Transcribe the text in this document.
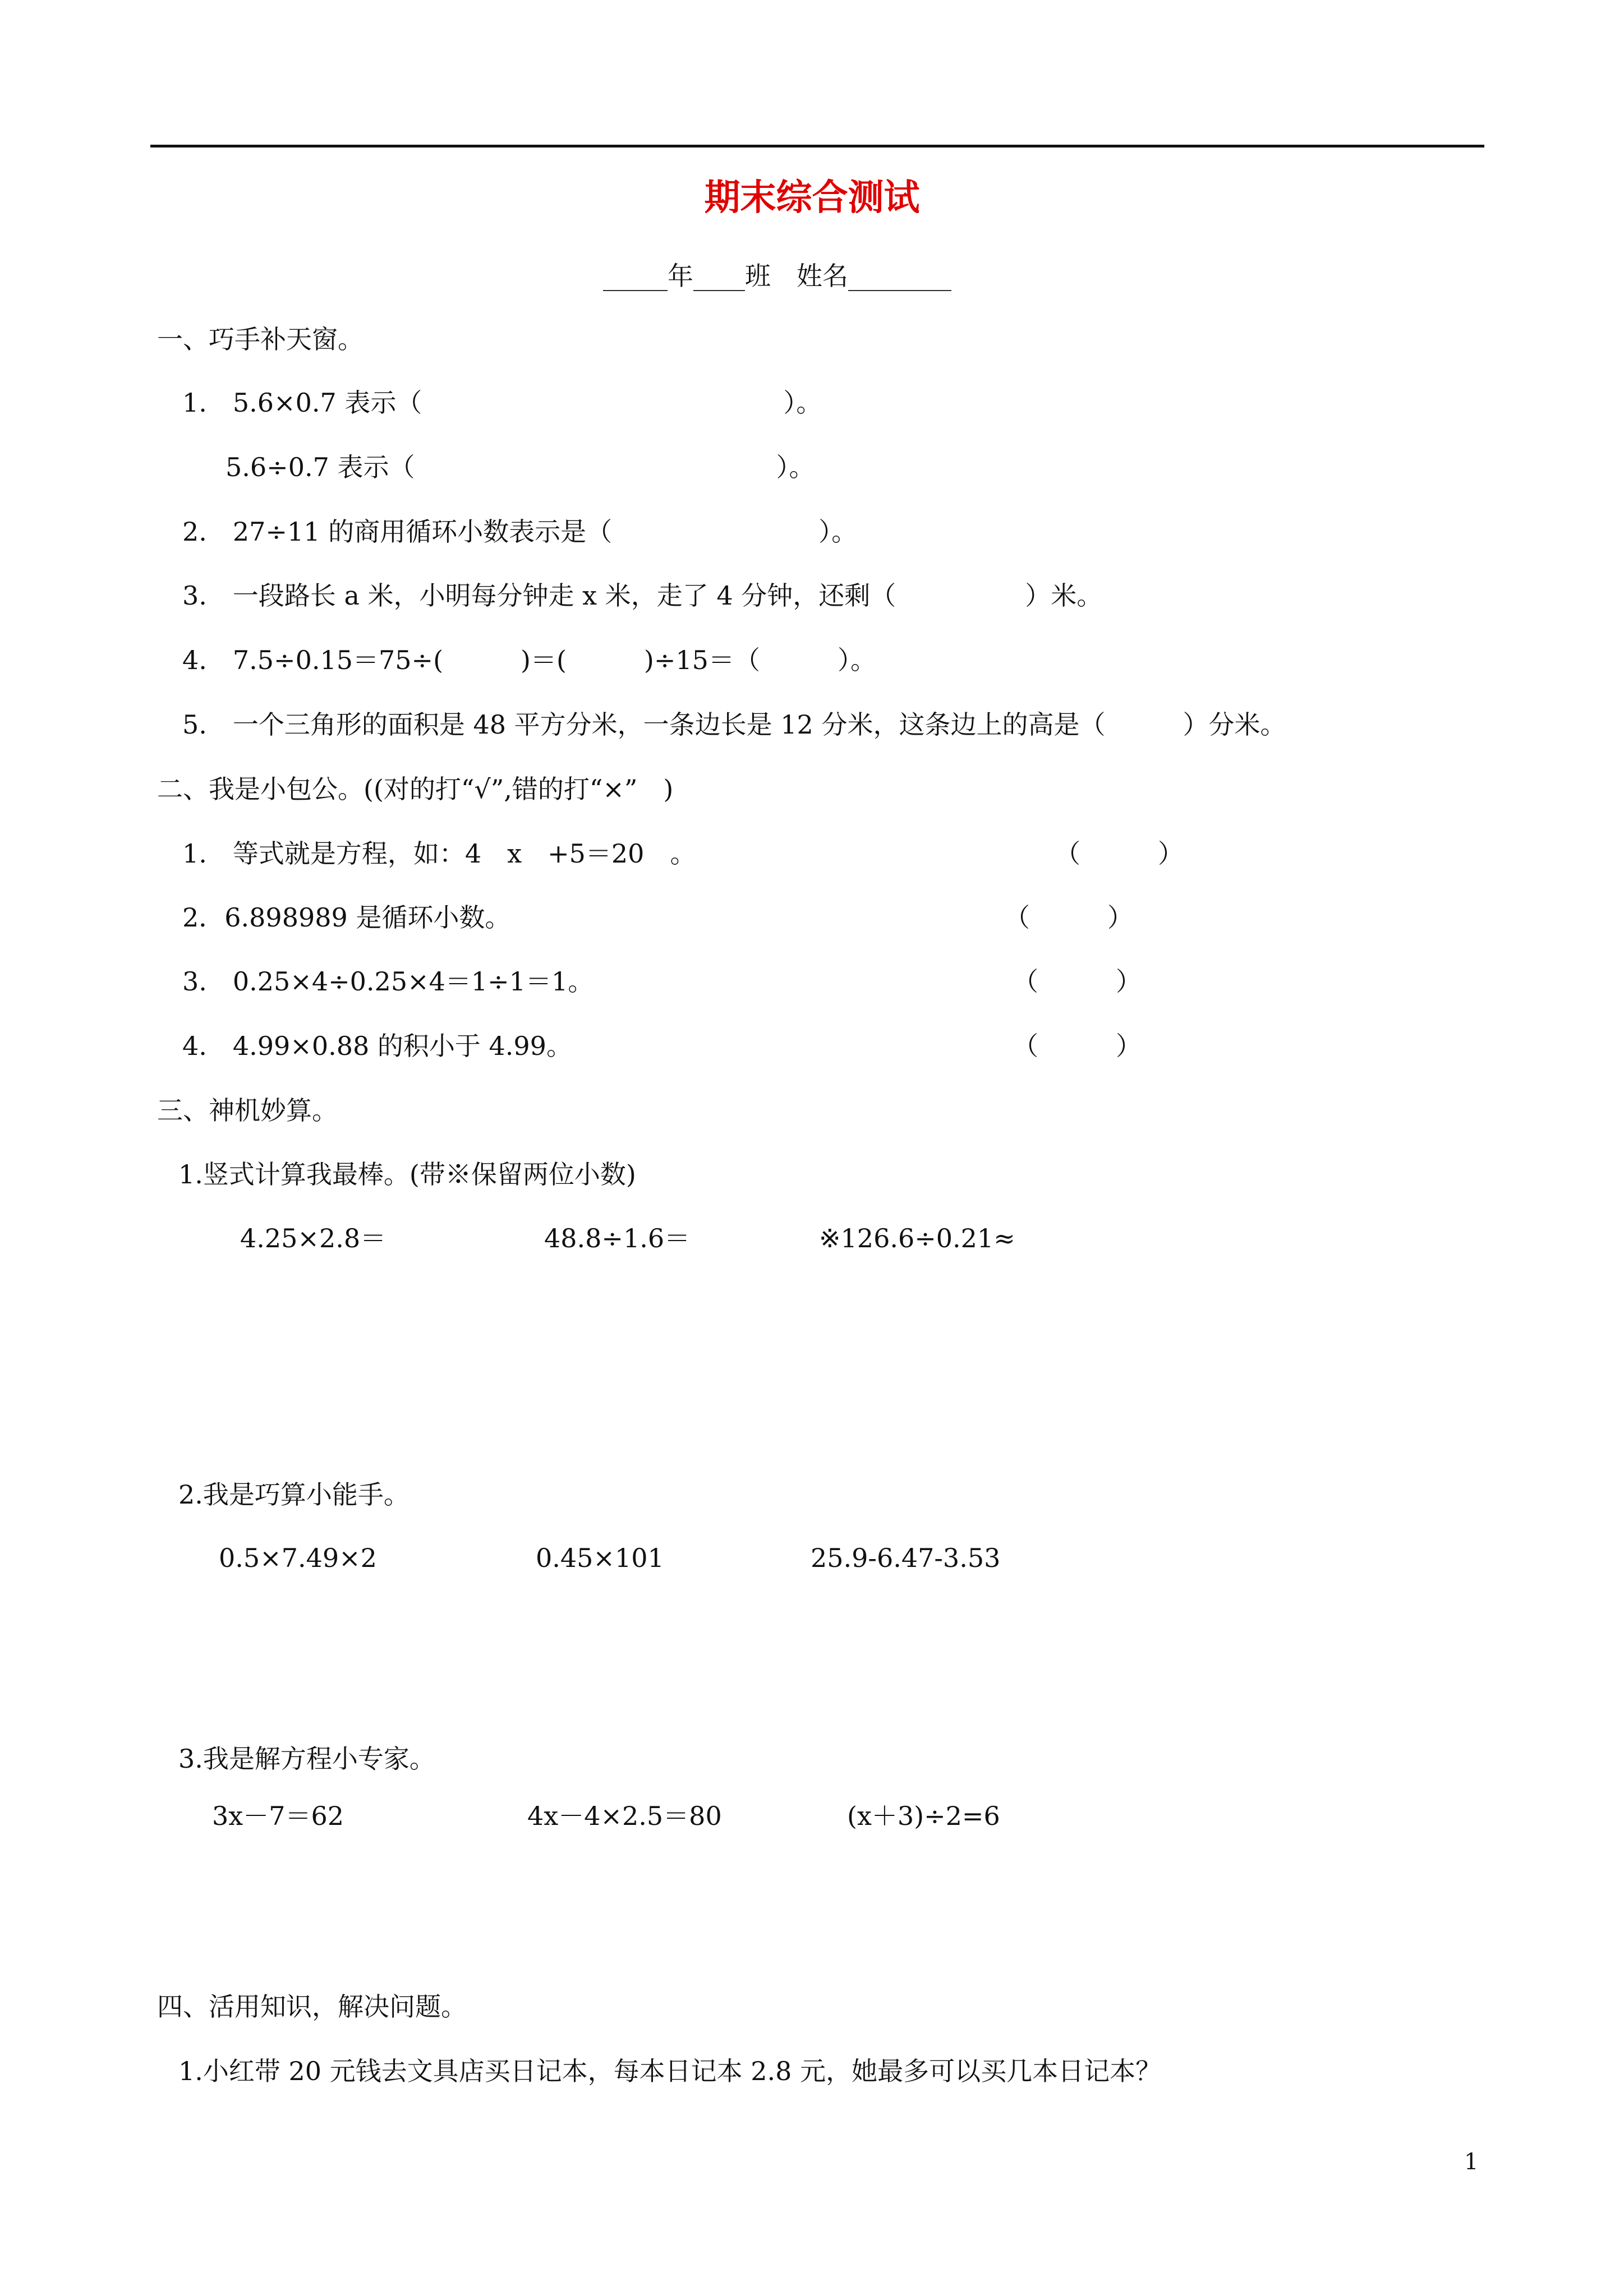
期末综合测试
_____年____班　姓名________
一、巧手补天窗。
1.　5.6×0.7 表示（　　　　　　　　　　　　　　）。
5.6÷0.7 表示（　　　　　　　　　　　　　　）。
2.　27÷11 的商用循环小数表示是（　　　　　　　　）。
3.　一段路长 a 米，小明每分钟走 x 米，走了 4 分钟，还剩（　　　　　）米。
4.　7.5÷0.15＝75÷(　　　)＝(　　　)÷15＝（　　　）。
5.　一个三角形的面积是 48 平方分米，一条边长是 12 分米，这条边上的高是（　　　）分米。
二、我是小包公。((对的打“√”,错的打“×”　)
1.　等式就是方程，如：4　x　+5＝20　。	（　　　）
2．6.898989 是循环小数。	（　　　）
3.　0.25×4÷0.25×4＝1÷1＝1。	（　　　）
4.　4.99×0.88 的积小于 4.99。	（　　　）
三、神机妙算。
1.竖式计算我最棒。(带※保留两位小数)
4.25×2.8＝	48.8÷1.6＝	※126.6÷0.21≈
2.我是巧算小能手。
0.5×7.49×2	0.45×101	25.9-6.47-3.53
3.我是解方程小专家。
3x－7＝62	4x－4×2.5＝80	(x＋3)÷2=6
四、活用知识，解决问题。
1.小红带 20 元钱去文具店买日记本，每本日记本 2.8 元，她最多可以买几本日记本？
1
